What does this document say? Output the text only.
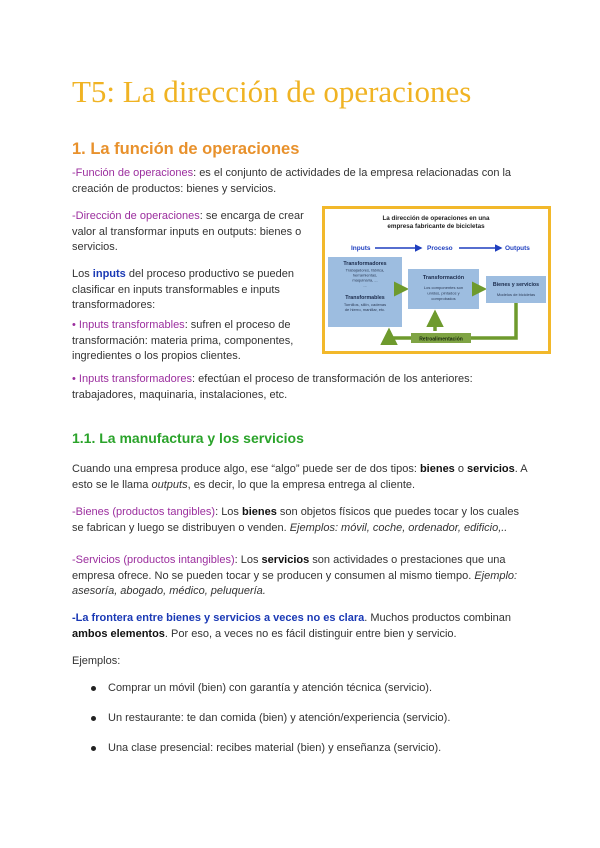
T5: La dirección de operaciones
1. La función de operaciones

-Función de operaciones: es el conjunto de actividades de la empresa relacionadas con la creación de productos: bienes y servicios.

-Dirección de operaciones: se encarga de crear valor al transformar inputs en outputs: bienes o servicios.

Los inputs del proceso productivo se pueden clasificar en inputs transformables e inputs transformadores:

• Inputs transformables: sufren el proceso de transformación: materia prima, componentes, ingredientes o los propios clientes.

• Inputs transformadores: efectúan el proceso de transformación de los anteriores: trabajadores, maquinaria, instalaciones, etc.

La dirección de operaciones en una
empresa fabricante de bicicletas
Inputs	Proceso	Outputs
Transformadores
Trabajadores, fábrica,
herramientas,
maquinaria, ...
...
Transformables
Tornillos, sillín, cadenas
de hierro, manillar, etc.
Transformación
Los componentes son
unidos, pintados y
comprobados
Bienes y servicios
Modelos de bicicletas
Retroalimentación
1.1. La manufactura y los servicios

Cuando una empresa produce algo, ese “algo” puede ser de dos tipos: bienes o servicios. A esto se le llama outputs, es decir, lo que la empresa entrega al cliente.

-Bienes (productos tangibles): Los bienes son objetos físicos que puedes tocar y los cuales se fabrican y luego se distribuyen o venden. Ejemplos: móvil, coche, ordenador, edificio,..

-Servicios (productos intangibles): Los servicios son actividades o prestaciones que una empresa ofrece. No se pueden tocar y se producen y consumen al mismo tiempo. Ejemplo: asesoría, abogado, médico, peluquería.

-La frontera entre bienes y servicios a veces no es clara. Muchos productos combinan ambos elementos. Por eso, a veces no es fácil distinguir entre bien y servicio.

Ejemplos:

Comprar un móvil (bien) con garantía y atención técnica (servicio).
Un restaurante: te dan comida (bien) y atención/experiencia (servicio).
Una clase presencial: recibes material (bien) y enseñanza (servicio).
